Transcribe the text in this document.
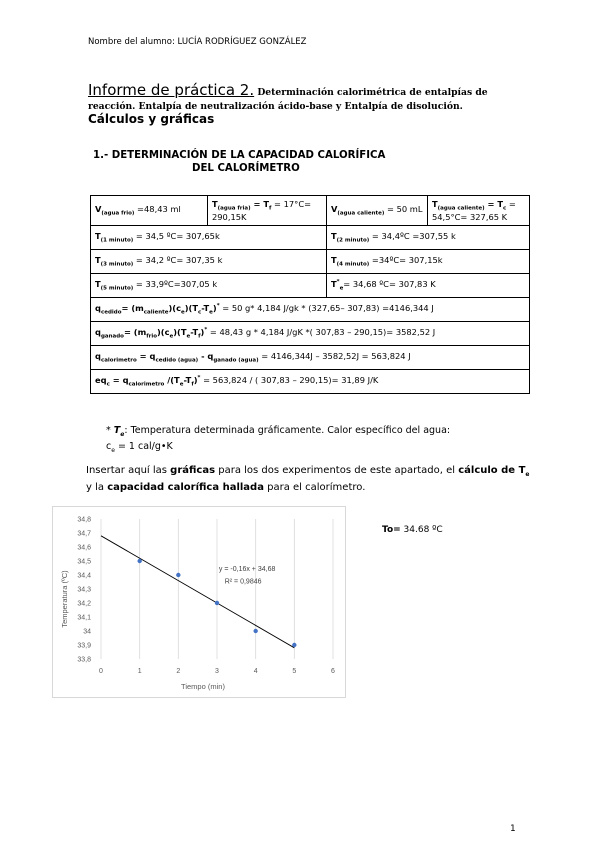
Nombre del alumno: LUCÍA RODRÍGUEZ GONZÁLEZ
Informe de práctica 2. Determinación calorimétrica de entalpías de reacción. Entalpía de neutralización ácido-base y Entalpía de disolución. Cálculos y gráficas
1.- DETERMINACIÓN DE LA CAPACIDAD CALORÍFICA
DEL CALORÍMETRO
$V_{(agua frio)} =48,43$ ml	$T_{(agua fria)} = T_f = 17^\circ C= 290,15K$	$V_{(agua caliente)} = 50$ mL	$T_{(agua caliente)} = T_c = 54,5^\circ C= 327,65$ K
$T_{(1 minuto)} = 34,5$ ºC= 307,65k		$T_{(2 minuto)}$ = 34,4ºC =307,55 k	
$T_{(3 minuto)} = 34,2$ ºC= 307,35 k		$T_{(4 minuto)}$ =34ºC= 307,15k	
$T_{(5 minuto)}$ = 33,9ºC=307,05 k		$T^*_e= 34,68$ ºC= 307,83 K	
$q_{cedido}= (m_{caliente})(c_e)(T_c-T_e)^* = 50$ g* 4,184 J/gk * (327,65– 307,83) =4146,344 J			
$q_{ganado}= (m_{frio})(c_e)(T_e-T_f)^* = 48,43$ g * 4,184 J/gK *( 307,83 – 290,15)= 3582,52 J			
$q_{calorimetro} = q_{cedido (agua)} - q_{ganado (agua)} = 4146,344J - 3582,52J = 563,824$ J			
$eq_c = q_{calorimetro}$ $/(T_e-T_f)^* = 563,824$ / ( 307,83 – 290,15)= 31,89 J/K			
* $T_e$: Temperatura determinada gráficamente. Calor específico del agua:
$c_e = 1$ cal/g•K
Insertar aquí las gráficas para los dos experimentos de este apartado, el cálculo de $T_e$ y la capacidad calorífica hallada para el calorímetro.
0	1	2	3	4	5	6
33,8
33,9
34
34,1
34,2
34,3
34,4
34,5
34,6
34,7
34,8
y = -0,16x + 34,68
R² = 0,9846
Tiempo (min)
Temperatura (ºC)
To= 34.68 ºC
1
